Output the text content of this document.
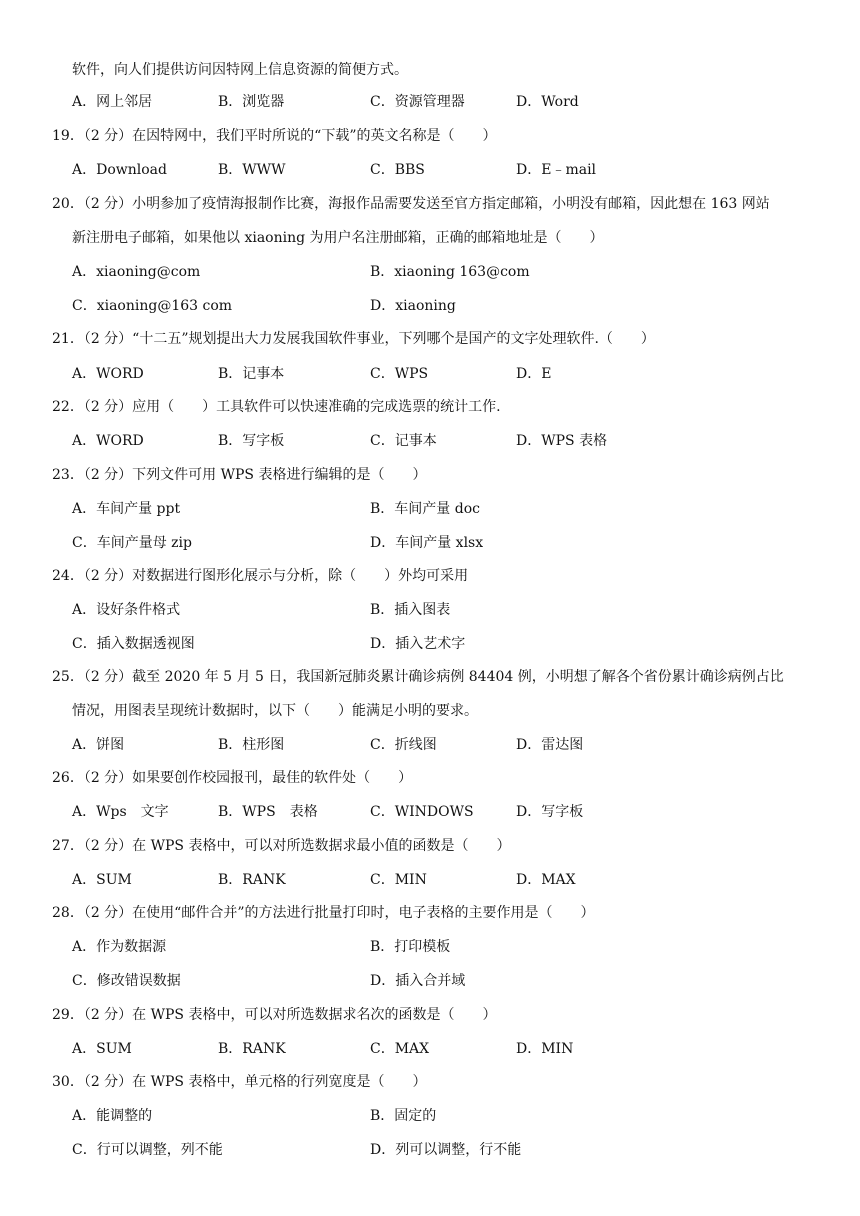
软件，向人们提供访问因特网上信息资源的简便方式。
A．网上邻居	B．浏览器	C．资源管理器	D．Word
19．（2 分）在因特网中，我们平时所说的“下载”的英文名称是（　　）
A．Download	B．WWW	C．BBS	D．E﹣mail
20．（2 分）小明参加了疫情海报制作比赛，海报作品需要发送至官方指定邮箱，小明没有邮箱，因此想在 163 网站
新注册电子邮箱，如果他以 xiaoning 为用户名注册邮箱，正确的邮箱地址是（　　）
A．xiaoning@com	B．xiaoning 163@com
C．xiaoning@163 com	D．xiaoning
21．（2 分）“十二五”规划提出大力发展我国软件事业，下列哪个是国产的文字处理软件.（　　）
A．WORD	B．记事本	C．WPS	D．E
22．（2 分）应用（　　）工具软件可以快速准确的完成选票的统计工作.
A．WORD	B．写字板	C．记事本	D．WPS 表格
23．（2 分）下列文件可用 WPS 表格进行编辑的是（　　）
A．车间产量 ppt	B．车间产量 doc
C．车间产量母 zip	D．车间产量 xlsx
24．（2 分）对数据进行图形化展示与分析，除（　　）外均可采用
A．设好条件格式	B．插入图表
C．插入数据透视图	D．插入艺术字
25．（2 分）截至 2020 年 5 月 5 日，我国新冠肺炎累计确诊病例 84404 例，小明想了解各个省份累计确诊病例占比
情况，用图表呈现统计数据时，以下（　　）能满足小明的要求。
A．饼图	B．柱形图	C．折线图	D．雷达图
26．（2 分）如果要创作校园报刊，最佳的软件处（　　）
A．Wps　文字	B．WPS　表格	C．WINDOWS	D．写字板
27．（2 分）在 WPS 表格中，可以对所选数据求最小值的函数是（　　）
A．SUM	B．RANK	C．MIN	D．MAX
28．（2 分）在使用“邮件合并”的方法进行批量打印时，电子表格的主要作用是（　　）
A．作为数据源	B．打印模板
C．修改错误数据	D．插入合并域
29．（2 分）在 WPS 表格中，可以对所选数据求名次的函数是（　　）
A．SUM	B．RANK	C．MAX	D．MIN
30．（2 分）在 WPS 表格中，单元格的行列宽度是（　　）
A．能调整的	B．固定的
C．行可以调整，列不能	D．列可以调整，行不能
